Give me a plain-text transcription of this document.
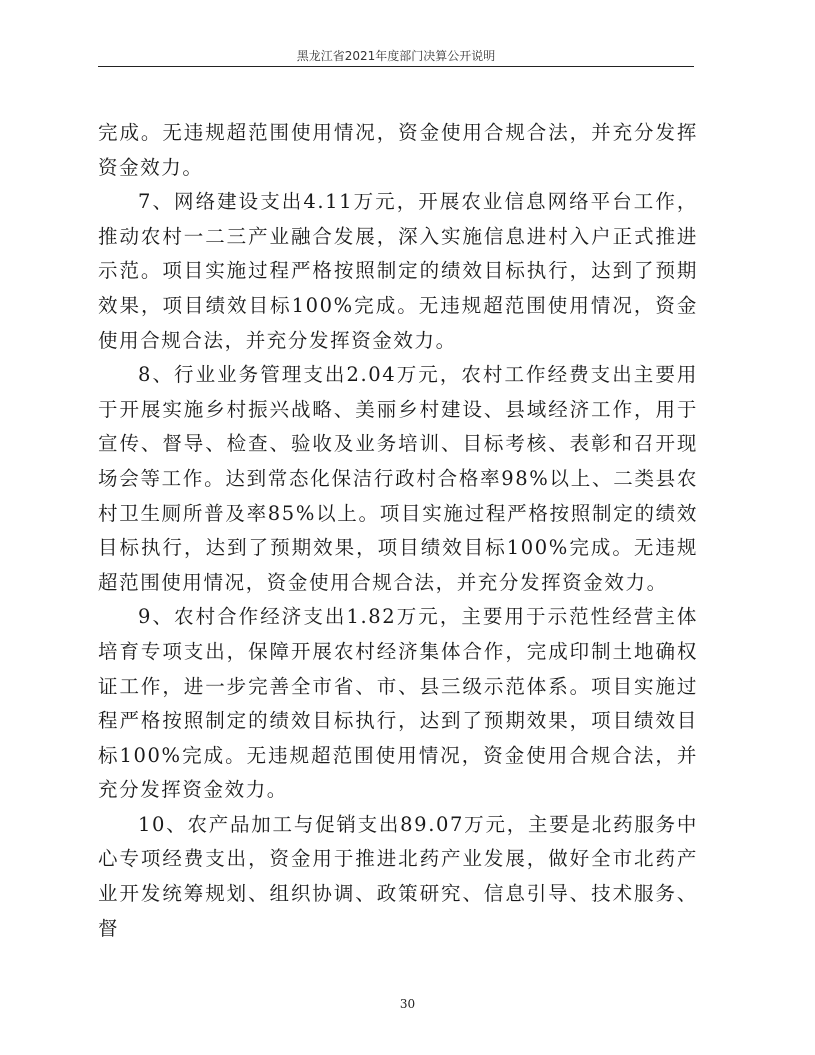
黑龙江省2021年度部门决算公开说明

完成。无违规超范围使用情况，资金使用合规合法，并充分发挥资金效力。

7、网络建设支出4.11万元，开展农业信息网络平台工作，推动农村一二三产业融合发展，深入实施信息进村入户正式推进示范。项目实施过程严格按照制定的绩效目标执行，达到了预期效果，项目绩效目标100%完成。无违规超范围使用情况，资金使用合规合法，并充分发挥资金效力。

8、行业业务管理支出2.04万元，农村工作经费支出主要用于开展实施乡村振兴战略、美丽乡村建设、县域经济工作，用于宣传、督导、检查、验收及业务培训、目标考核、表彰和召开现场会等工作。达到常态化保洁行政村合格率98%以上、二类县农村卫生厕所普及率85%以上。项目实施过程严格按照制定的绩效目标执行，达到了预期效果，项目绩效目标100%完成。无违规超范围使用情况，资金使用合规合法，并充分发挥资金效力。

9、农村合作经济支出1.82万元，主要用于示范性经营主体培育专项支出，保障开展农村经济集体合作，完成印制土地确权证工作，进一步完善全市省、市、县三级示范体系。项目实施过程严格按照制定的绩效目标执行，达到了预期效果，项目绩效目标100%完成。无违规超范围使用情况，资金使用合规合法，并充分发挥资金效力。

10、农产品加工与促销支出89.07万元，主要是北药服务中心专项经费支出，资金用于推进北药产业发展，做好全市北药产业开发统筹规划、组织协调、政策研究、信息引导、技术服务、督

30
